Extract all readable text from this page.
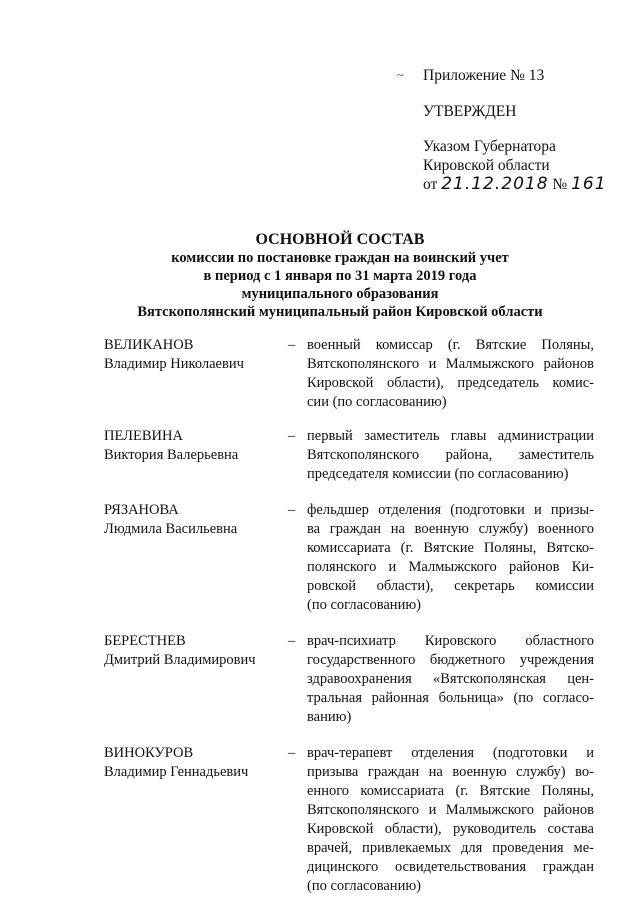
~ Приложение № 13
УТВЕРЖДЕН
Указом Губернатора
Кировской области
от 21.12.2018 № 161
ОСНОВНОЙ СОСТАВ
комиссии по постановке граждан на воинский учет
в период с 1 января по 31 марта 2019 года
муниципального образования
Вятскополянский муниципальный район Кировской области
ВЕЛИКАНОВ
Владимир Николаевич
– военный комиссар (г. Вятские Поляны,
Вятскополянского и Малмыжского районов
Кировской области), председатель комис-
сии (по согласованию)
ПЕЛЕВИНА
Виктория Валерьевна
– первый заместитель главы администрации
Вятскополянского района, заместитель
председателя комиссии (по согласованию)
РЯЗАНОВА
Людмила Васильевна
– фельдшер отделения (подготовки и призы-
ва граждан на военную службу) военного
комиссариата (г. Вятские Поляны, Вятско-
полянского и Малмыжского районов Ки-
ровской области), секретарь комиссии
(по согласованию)
БЕРЕСТНЕВ
Дмитрий Владимирович
– врач-психиатр Кировского областного
государственного бюджетного учреждения
здравоохранения «Вятскополянская цен-
тральная районная больница» (по согласо-
ванию)
ВИНОКУРОВ
Владимир Геннадьевич
– врач-терапевт отделения (подготовки и
призыва граждан на военную службу) во-
енного комиссариата (г. Вятские Поляны,
Вятскополянского и Малмыжского районов
Кировской области), руководитель состава
врачей, привлекаемых для проведения ме-
дицинского освидетельствования граждан
(по согласованию)
